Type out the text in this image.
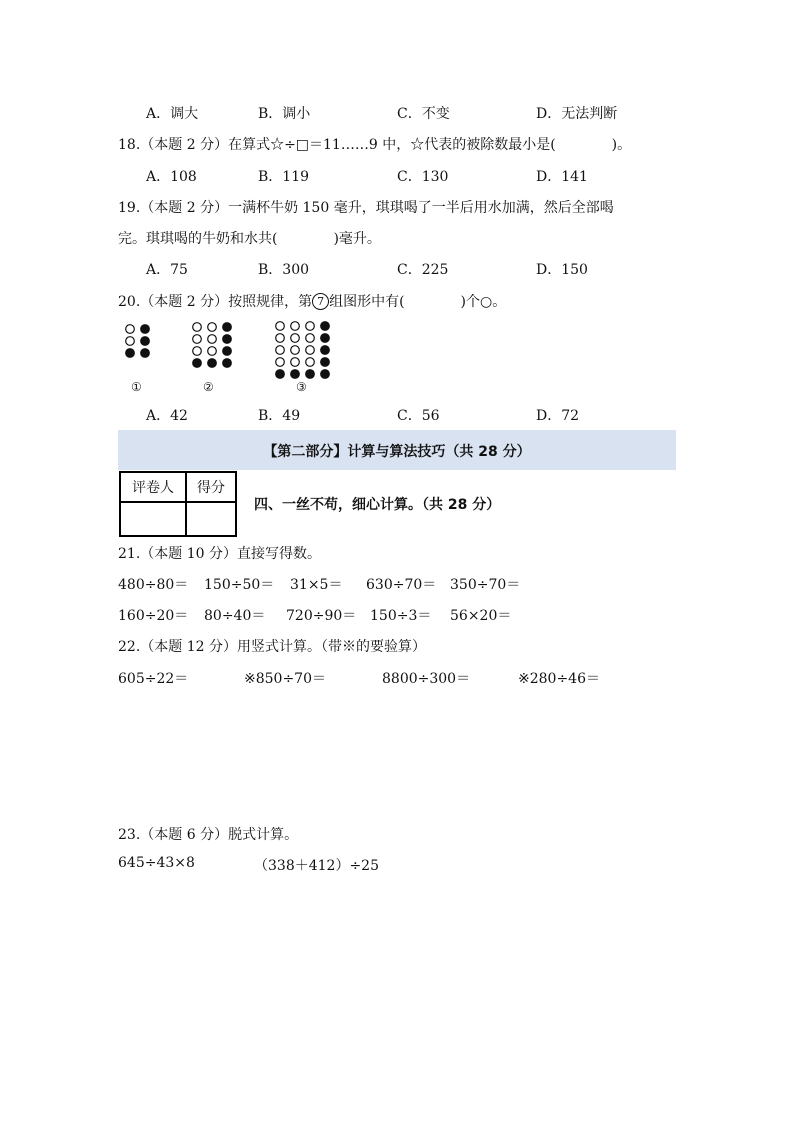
A．调大	B．调小	C．不变	D．无法判断
18.（本题 2 分）在算式☆÷□＝11……9 中，☆代表的被除数最小是(　　　　)。
A．108	B．119	C．130	D．141
19.（本题 2 分）一满杯牛奶 150 毫升，琪琪喝了一半后用水加满，然后全部喝
完。琪琪喝的牛奶和水共(　　　　)毫升。
A．75	B．300	C．225	D．150
20.（本题 2 分）按照规律，第 7 组图形中有(　　　　)个○。
①	②	③
A．42	B．49	C．56	D．72
【第二部分】计算与算法技巧（共 28 分）
评卷人	得分

四、一丝不苟，细心计算。（共 28 分）
21.（本题 10 分）直接写得数。
480÷80＝ 150÷50＝ 31×5＝ 630÷70＝ 350÷70＝
160÷20＝ 80÷40＝ 720÷90＝ 150÷3＝ 56×20＝
22.（本题 12 分）用竖式计算。（带※的要验算）
605÷22＝	※850÷70＝	8800÷300＝	※280÷46＝
23.（本题 6 分）脱式计算。
645÷43×8	（338＋412）÷25
